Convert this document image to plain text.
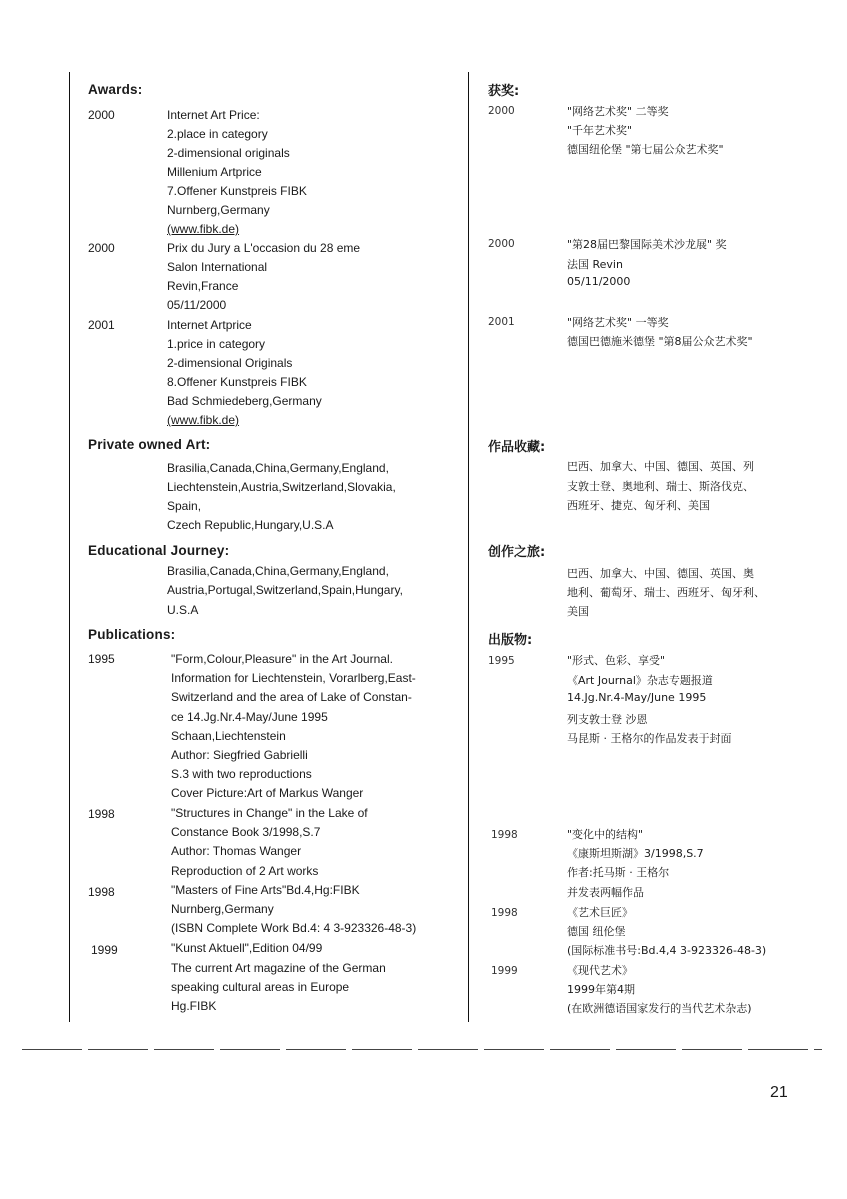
Awards:
2000	Internet Art Price:
2.place in category
2-dimensional originals
Millenium Artprice
7.Offener Kunstpreis FIBK
Nurnberg,Germany
(www.fibk.de)
2000	Prix du Jury a L'occasion du 28 eme
Salon International
Revin,France
05/11/2000
2001	Internet Artprice
1.price in category
2-dimensional Originals
8.Offener Kunstpreis FIBK
Bad Schmiedeberg,Germany
(www.fibk.de)
Private owned Art:
Brasilia,Canada,China,Germany,England,
Liechtenstein,Austria,Switzerland,Slovakia,
Spain,
Czech Republic,Hungary,U.S.A
Educational Journey:
Brasilia,Canada,China,Germany,England,
Austria,Portugal,Switzerland,Spain,Hungary,
U.S.A
Publications:
1995	"Form,Colour,Pleasure" in the Art Journal.
Information for Liechtenstein, Vorarlberg,East-
Switzerland and the area of Lake of Constan-
ce 14.Jg.Nr.4-May/June 1995
Schaan,Liechtenstein
Author: Siegfried Gabrielli
S.3 with two reproductions
Cover Picture:Art of Markus Wanger
1998	"Structures in Change" in the Lake of
Constance Book 3/1998,S.7
Author: Thomas Wanger
Reproduction of 2 Art works
1998	"Masters of Fine Arts"Bd.4,Hg:FIBK
Nurnberg,Germany
(ISBN Complete Work Bd.4: 4 3-923326-48-3)
1999	"Kunst Aktuell",Edition 04/99
The current Art magazine of the German
speaking cultural areas in Europe
Hg.FIBK
获奖:
2000	"网络艺术奖" 二等奖
"千年艺术奖"
德国纽伦堡 "第七届公众艺术奖"
2000	"第28届巴黎国际美术沙龙展" 奖
法国 Revin
05/11/2000
2001	"网络艺术奖" 一等奖
德国巴德施米德堡 "第8届公众艺术奖"
作品收藏:
巴西、加拿大、中国、德国、英国、列
支敦士登、奥地利、瑞士、斯洛伐克、
西班牙、捷克、匈牙利、美国
创作之旅:
巴西、加拿大、中国、德国、英国、奥
地利、葡萄牙、瑞士、西班牙、匈牙利、
美国
出版物:
1995	"形式、色彩、享受"
《Art Journal》杂志专题报道
14.Jg.Nr.4-May/June 1995
列支敦士登 沙恩
马昆斯 · 王格尔的作品发表于封面
1998	"变化中的结构"
《康斯坦斯湖》3/1998,S.7
作者:托马斯 · 王格尔
并发表两幅作品
1998	《艺术巨匠》
德国 纽伦堡
(国际标准书号:Bd.4,4 3-923326-48-3)
1999	《现代艺术》
1999年第4期
(在欧洲德语国家发行的当代艺术杂志)
21
